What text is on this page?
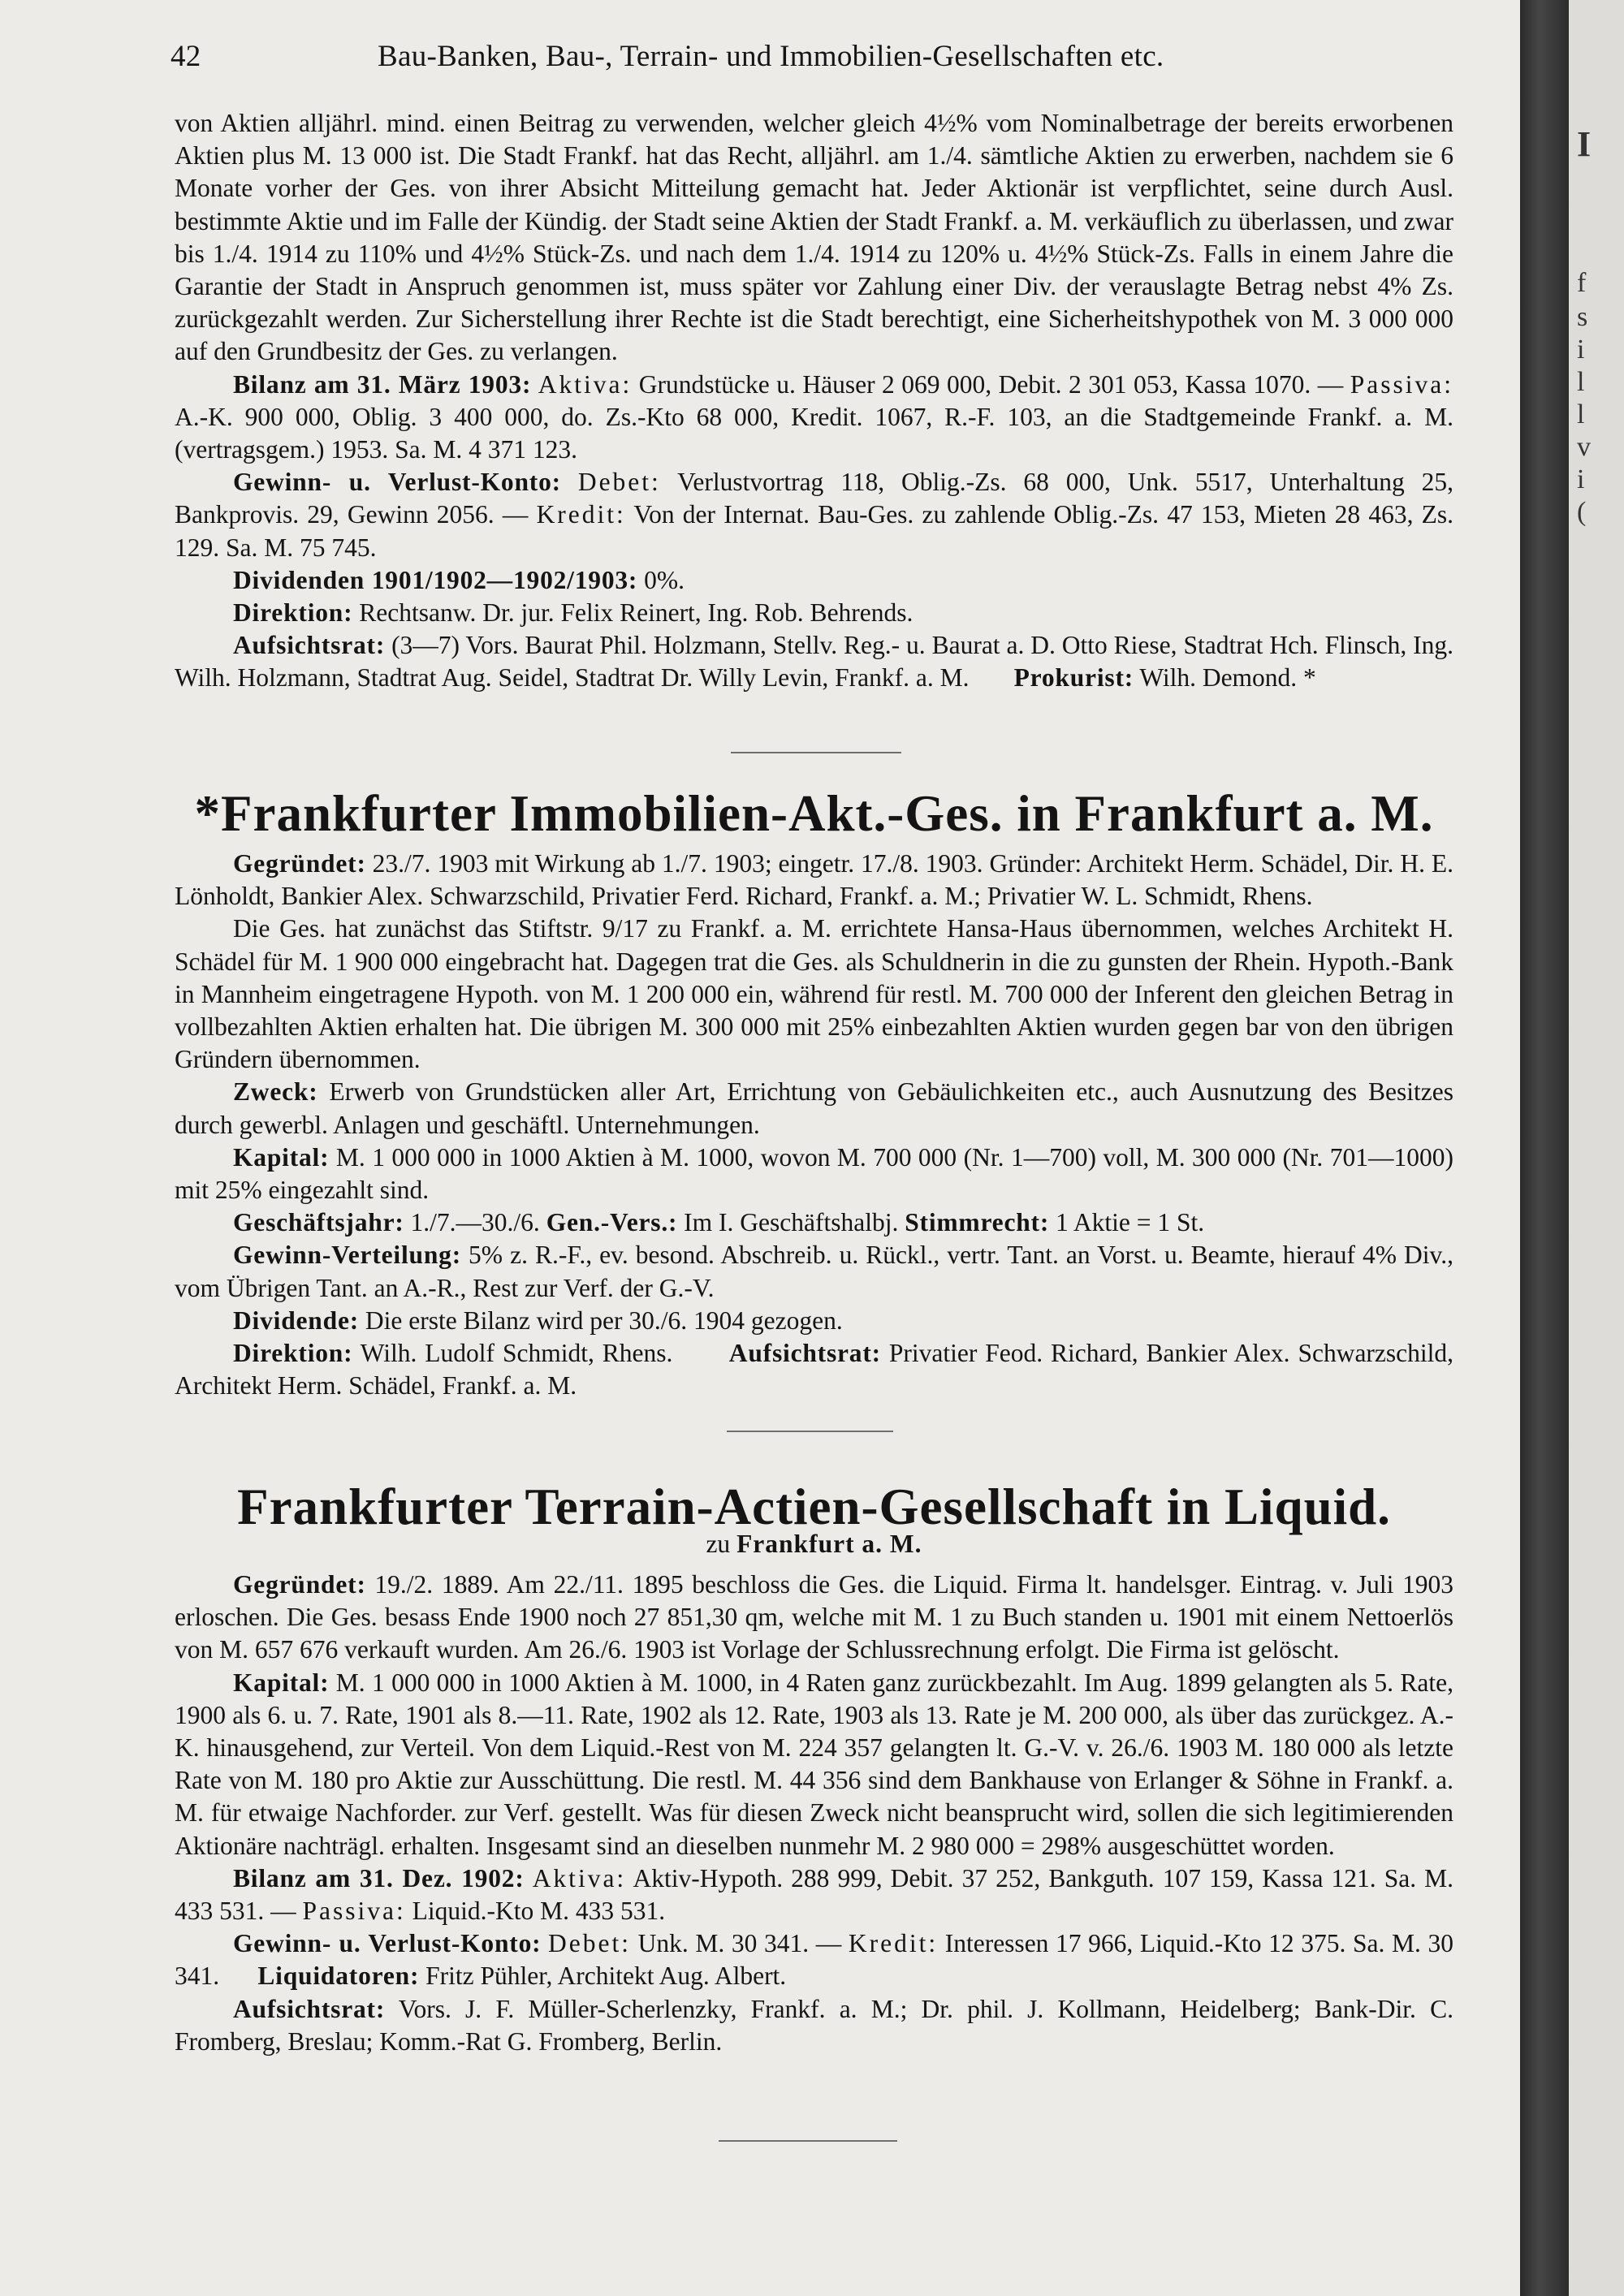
42	Bau-Banken, Bau-, Terrain- und Immobilien-Gesellschaften etc.

von Aktien alljährl. mind. einen Beitrag zu verwenden, welcher gleich 4½% vom Nominalbetrage der bereits erworbenen Aktien plus M. 13 000 ist. Die Stadt Frankf. hat das Recht, alljährl. am 1./4. sämtliche Aktien zu erwerben, nachdem sie 6 Monate vorher der Ges. von ihrer Absicht Mitteilung gemacht hat. Jeder Aktionär ist verpflichtet, seine durch Ausl. bestimmte Aktie und im Falle der Kündig. der Stadt seine Aktien der Stadt Frankf. a. M. verkäuflich zu überlassen, und zwar bis 1./4. 1914 zu 110% und 4½% Stück-Zs. und nach dem 1./4. 1914 zu 120% u. 4½% Stück-Zs. Falls in einem Jahre die Garantie der Stadt in Anspruch genommen ist, muss später vor Zahlung einer Div. der verauslagte Betrag nebst 4% Zs. zurückgezahlt werden. Zur Sicherstellung ihrer Rechte ist die Stadt berechtigt, eine Sicherheitshypothek von M. 3 000 000 auf den Grundbesitz der Ges. zu verlangen.

Bilanz am 31. März 1903: Aktiva: Grundstücke u. Häuser 2 069 000, Debit. 2 301 053, Kassa 1070. — Passiva: A.-K. 900 000, Oblig. 3 400 000, do. Zs.-Kto 68 000, Kredit. 1067, R.-F. 103, an die Stadtgemeinde Frankf. a. M. (vertragsgem.) 1953. Sa. M. 4 371 123.

Gewinn- u. Verlust-Konto: Debet: Verlustvortrag 118, Oblig.-Zs. 68 000, Unk. 5517, Unterhaltung 25, Bankprovis. 29, Gewinn 2056. — Kredit: Von der Internat. Bau-Ges. zu zahlende Oblig.-Zs. 47 153, Mieten 28 463, Zs. 129. Sa. M. 75 745.

Dividenden 1901/1902—1902/1903: 0%.

Direktion: Rechtsanw. Dr. jur. Felix Reinert, Ing. Rob. Behrends.

Aufsichtsrat: (3—7) Vors. Baurat Phil. Holzmann, Stellv. Reg.- u. Baurat a. D. Otto Riese, Stadtrat Hch. Flinsch, Ing. Wilh. Holzmann, Stadtrat Aug. Seidel, Stadtrat Dr. Willy Levin, Frankf. a. M. Prokurist: Wilh. Demond. *

*Frankfurter Immobilien-Akt.-Ges. in Frankfurt a. M.

Gegründet: 23./7. 1903 mit Wirkung ab 1./7. 1903; eingetr. 17./8. 1903. Gründer: Architekt Herm. Schädel, Dir. H. E. Lönholdt, Bankier Alex. Schwarzschild, Privatier Ferd. Richard, Frankf. a. M.; Privatier W. L. Schmidt, Rhens.

Die Ges. hat zunächst das Stiftstr. 9/17 zu Frankf. a. M. errichtete Hansa-Haus übernommen, welches Architekt H. Schädel für M. 1 900 000 eingebracht hat. Dagegen trat die Ges. als Schuldnerin in die zu gunsten der Rhein. Hypoth.-Bank in Mannheim eingetragene Hypoth. von M. 1 200 000 ein, während für restl. M. 700 000 der Inferent den gleichen Betrag in vollbezahlten Aktien erhalten hat. Die übrigen M. 300 000 mit 25% einbezahlten Aktien wurden gegen bar von den übrigen Gründern übernommen.

Zweck: Erwerb von Grundstücken aller Art, Errichtung von Gebäulichkeiten etc., auch Ausnutzung des Besitzes durch gewerbl. Anlagen und geschäftl. Unternehmungen.

Kapital: M. 1 000 000 in 1000 Aktien à M. 1000, wovon M. 700 000 (Nr. 1—700) voll, M. 300 000 (Nr. 701—1000) mit 25% eingezahlt sind.

Geschäftsjahr: 1./7.—30./6. Gen.-Vers.: Im I. Geschäftshalbj. Stimmrecht: 1 Aktie = 1 St.

Gewinn-Verteilung: 5% z. R.-F., ev. besond. Abschreib. u. Rückl., vertr. Tant. an Vorst. u. Beamte, hierauf 4% Div., vom Übrigen Tant. an A.-R., Rest zur Verf. der G.-V.

Dividende: Die erste Bilanz wird per 30./6. 1904 gezogen.

Direktion: Wilh. Ludolf Schmidt, Rhens. Aufsichtsrat: Privatier Feod. Richard, Bankier Alex. Schwarzschild, Architekt Herm. Schädel, Frankf. a. M.

Frankfurter Terrain-Actien-Gesellschaft in Liquid.
zu Frankfurt a. M.

Gegründet: 19./2. 1889. Am 22./11. 1895 beschloss die Ges. die Liquid. Firma lt. handelsger. Eintrag. v. Juli 1903 erloschen. Die Ges. besass Ende 1900 noch 27 851,30 qm, welche mit M. 1 zu Buch standen u. 1901 mit einem Nettoerlös von M. 657 676 verkauft wurden. Am 26./6. 1903 ist Vorlage der Schlussrechnung erfolgt. Die Firma ist gelöscht.

Kapital: M. 1 000 000 in 1000 Aktien à M. 1000, in 4 Raten ganz zurückbezahlt. Im Aug. 1899 gelangten als 5. Rate, 1900 als 6. u. 7. Rate, 1901 als 8.—11. Rate, 1902 als 12. Rate, 1903 als 13. Rate je M. 200 000, als über das zurückgez. A.-K. hinausgehend, zur Verteil. Von dem Liquid.-Rest von M. 224 357 gelangten lt. G.-V. v. 26./6. 1903 M. 180 000 als letzte Rate von M. 180 pro Aktie zur Ausschüttung. Die restl. M. 44 356 sind dem Bankhause von Erlanger & Söhne in Frankf. a. M. für etwaige Nachforder. zur Verf. gestellt. Was für diesen Zweck nicht beansprucht wird, sollen die sich legitimierenden Aktionäre nachträgl. erhalten. Insgesamt sind an dieselben nunmehr M. 2 980 000 = 298% ausgeschüttet worden.

Bilanz am 31. Dez. 1902: Aktiva: Aktiv-Hypoth. 288 999, Debit. 37 252, Bankguth. 107 159, Kassa 121. Sa. M. 433 531. — Passiva: Liquid.-Kto M. 433 531.

Gewinn- u. Verlust-Konto: Debet: Unk. M. 30 341. — Kredit: Interessen 17 966, Liquid.-Kto 12 375. Sa. M. 30 341. Liquidatoren: Fritz Pühler, Architekt Aug. Albert.

Aufsichtsrat: Vors. J. F. Müller-Scherlenzky, Frankf. a. M.; Dr. phil. J. Kollmann, Heidelberg; Bank-Dir. C. Fromberg, Breslau; Komm.-Rat G. Fromberg, Berlin.

I
f
s
i
l
l
v
i
(
